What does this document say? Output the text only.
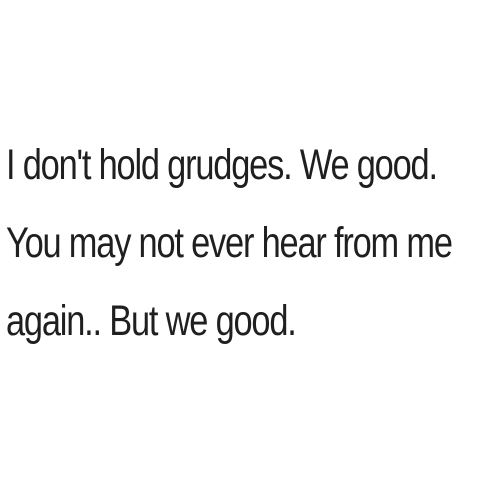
I don't hold grudges. We good.
You may not ever hear from me
again.. But we good.
